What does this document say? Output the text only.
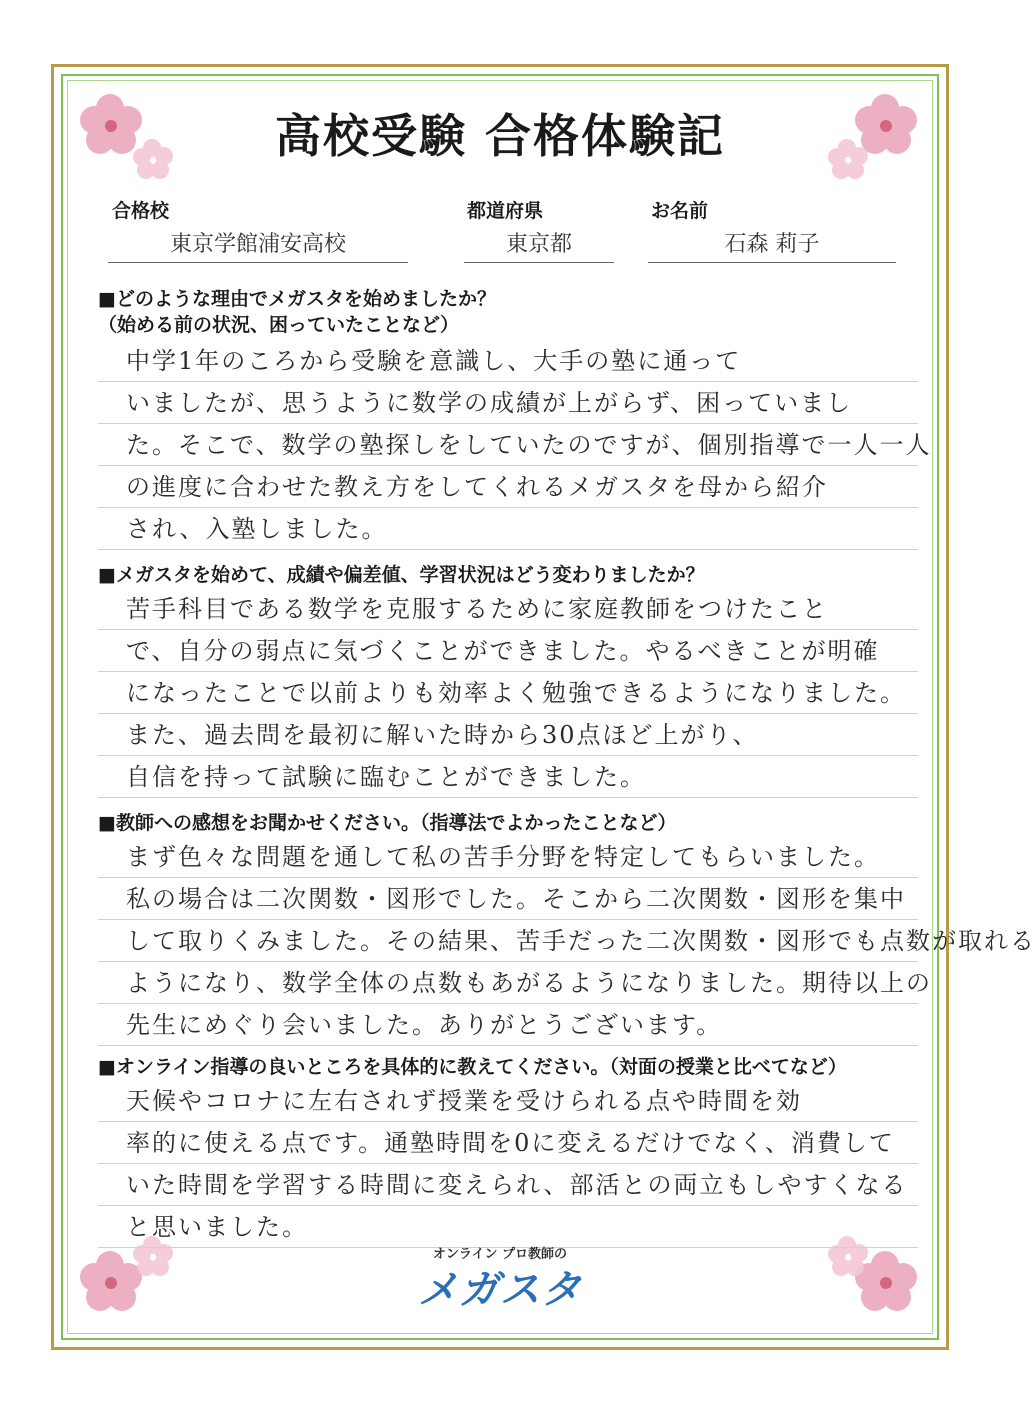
高校受験 合格体験記
合格校
東京学館浦安高校
都道府県
東京都
お名前
石森 莉子
■どのような理由でメガスタを始めましたか？
（始める前の状況、困っていたことなど）
中学1年のころから受験を意識し、大手の塾に通って
いましたが、思うように数学の成績が上がらず、困っていまし
た。そこで、数学の塾探しをしていたのですが、個別指導で一人一人
の進度に合わせた教え方をしてくれるメガスタを母から紹介
され、入塾しました。
■メガスタを始めて、成績や偏差値、学習状況はどう変わりましたか？
苦手科目である数学を克服するために家庭教師をつけたこと
で、自分の弱点に気づくことができました。やるべきことが明確
になったことで以前よりも効率よく勉強できるようになりました。
また、過去問を最初に解いた時から30点ほど上がり、
自信を持って試験に臨むことができました。
■教師への感想をお聞かせください。（指導法でよかったことなど）
まず色々な問題を通して私の苦手分野を特定してもらいました。
私の場合は二次関数・図形でした。そこから二次関数・図形を集中
して取りくみました。その結果、苦手だった二次関数・図形でも点数が取れる
ようになり、数学全体の点数もあがるようになりました。期待以上の
先生にめぐり会いました。ありがとうございます。
■オンライン指導の良いところを具体的に教えてください。（対面の授業と比べてなど）
天候やコロナに左右されず授業を受けられる点や時間を効
率的に使える点です。通塾時間を0に変えるだけでなく、消費して
いた時間を学習する時間に変えられ、部活との両立もしやすくなる
と思いました。
オンライン プロ教師の
メガスタ
